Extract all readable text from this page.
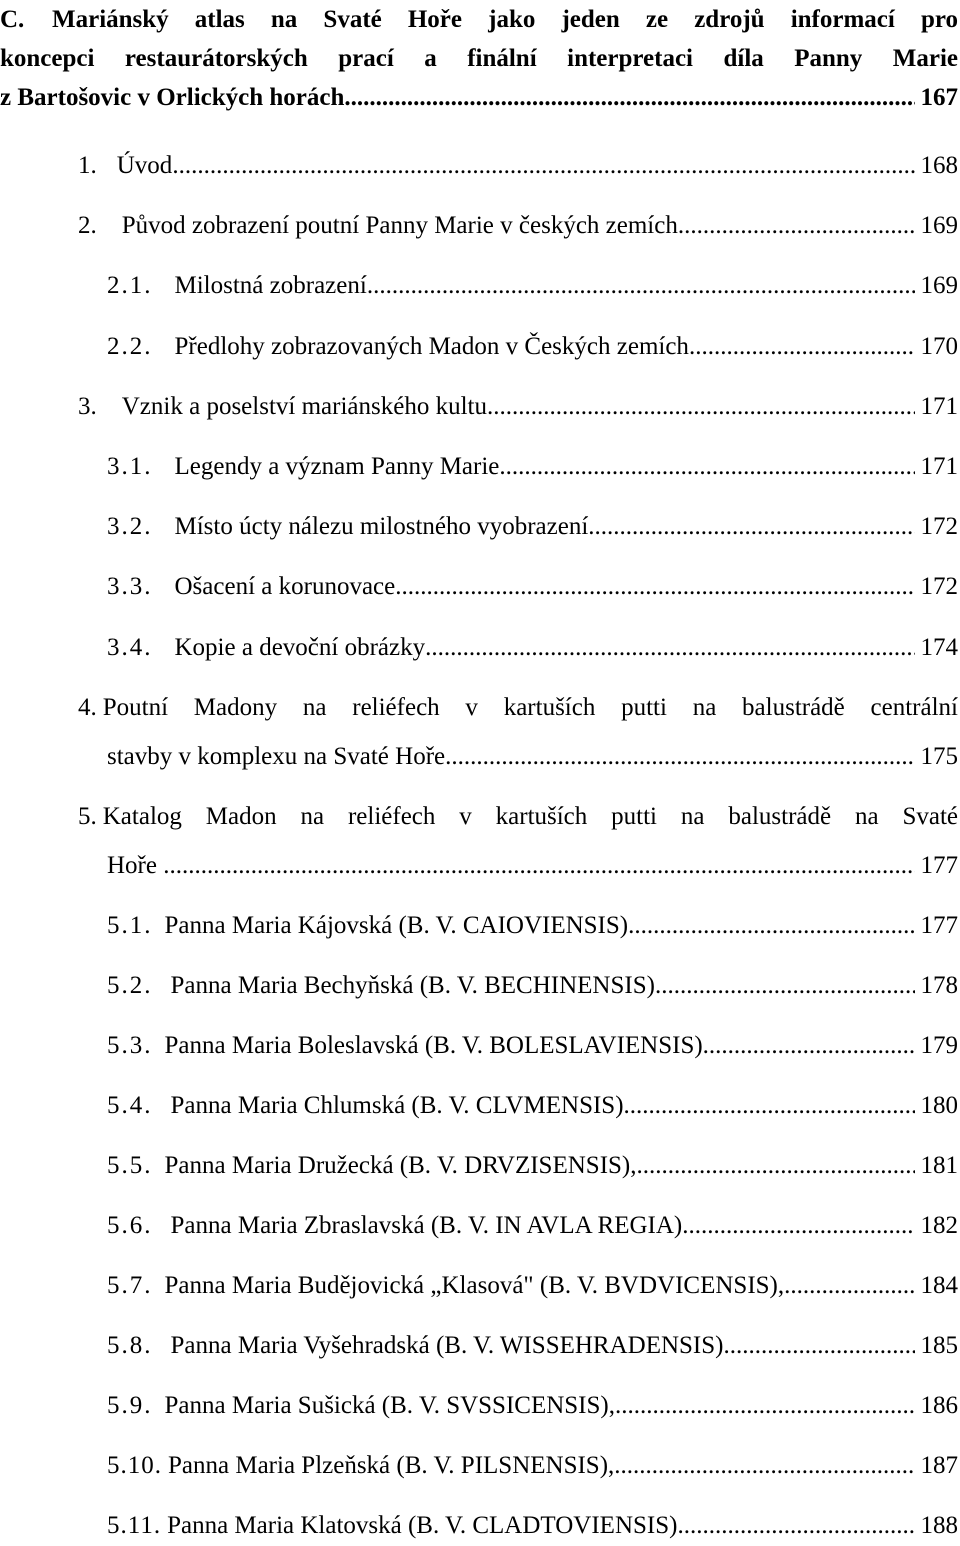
C.	Mariánský atlas na Svaté Hoře jako jeden ze zdrojů informací pro
koncepci restaurátorských prací a finální interpretaci díla Panny Marie
z Bartošovic v Orlických horách .....	167
1. Úvod .....	168
2.	Původ zobrazení poutní Panny Marie v českých zemích .....	169
2.1. Milostná zobrazení .....	169
2.2. Předlohy zobrazovaných Madon v Českých zemích .....	170
3.	Vznik a poselství mariánského kultu .....	171
3.1. Legendy a význam Panny Marie .....	171
3.2. Místo úcty nálezu milostného vyobrazení .....	172
3.3. Ošacení a korunovace .....	172
3.4. Kopie a devoční obrázky .....	174
4. Poutní Madony na reliéfech v kartuších putti na balustrádě centrální
stavby v komplexu na Svaté Hoře .....	175
5. Katalog Madon na reliéfech v kartuších putti na balustrádě na Svaté
Hoře .....	177
5.1. Panna Maria Kájovská (B. V. CAIOVIENSIS) .....	177
5.2. Panna Maria Bechyňská (B. V. BECHINENSIS) .....	178
5.3. Panna Maria Boleslavská (B. V. BOLESLAVIENSIS) .....	179
5.4. Panna Maria Chlumská (B. V. CLVMENSIS) .....	180
5.5. Panna Maria Družecká (B. V. DRVZISENSIS), .....	181
5.6. Panna Maria Zbraslavská (B. V. IN AVLA REGIA) .....	182
5.7. Panna Maria Budějovická „Klasová" (B. V. BVDVICENSIS), .....	184
5.8. Panna Maria Vyšehradská (B. V. WISSEHRADENSIS) .....	185
5.9. Panna Maria Sušická (B. V. SVSSICENSIS), .....	186
5.10. Panna Maria Plzeňská (B. V. PILSNENSIS), .....	187
5.11. Panna Maria Klatovská (B. V. CLADTOVIENSIS) .....	188
